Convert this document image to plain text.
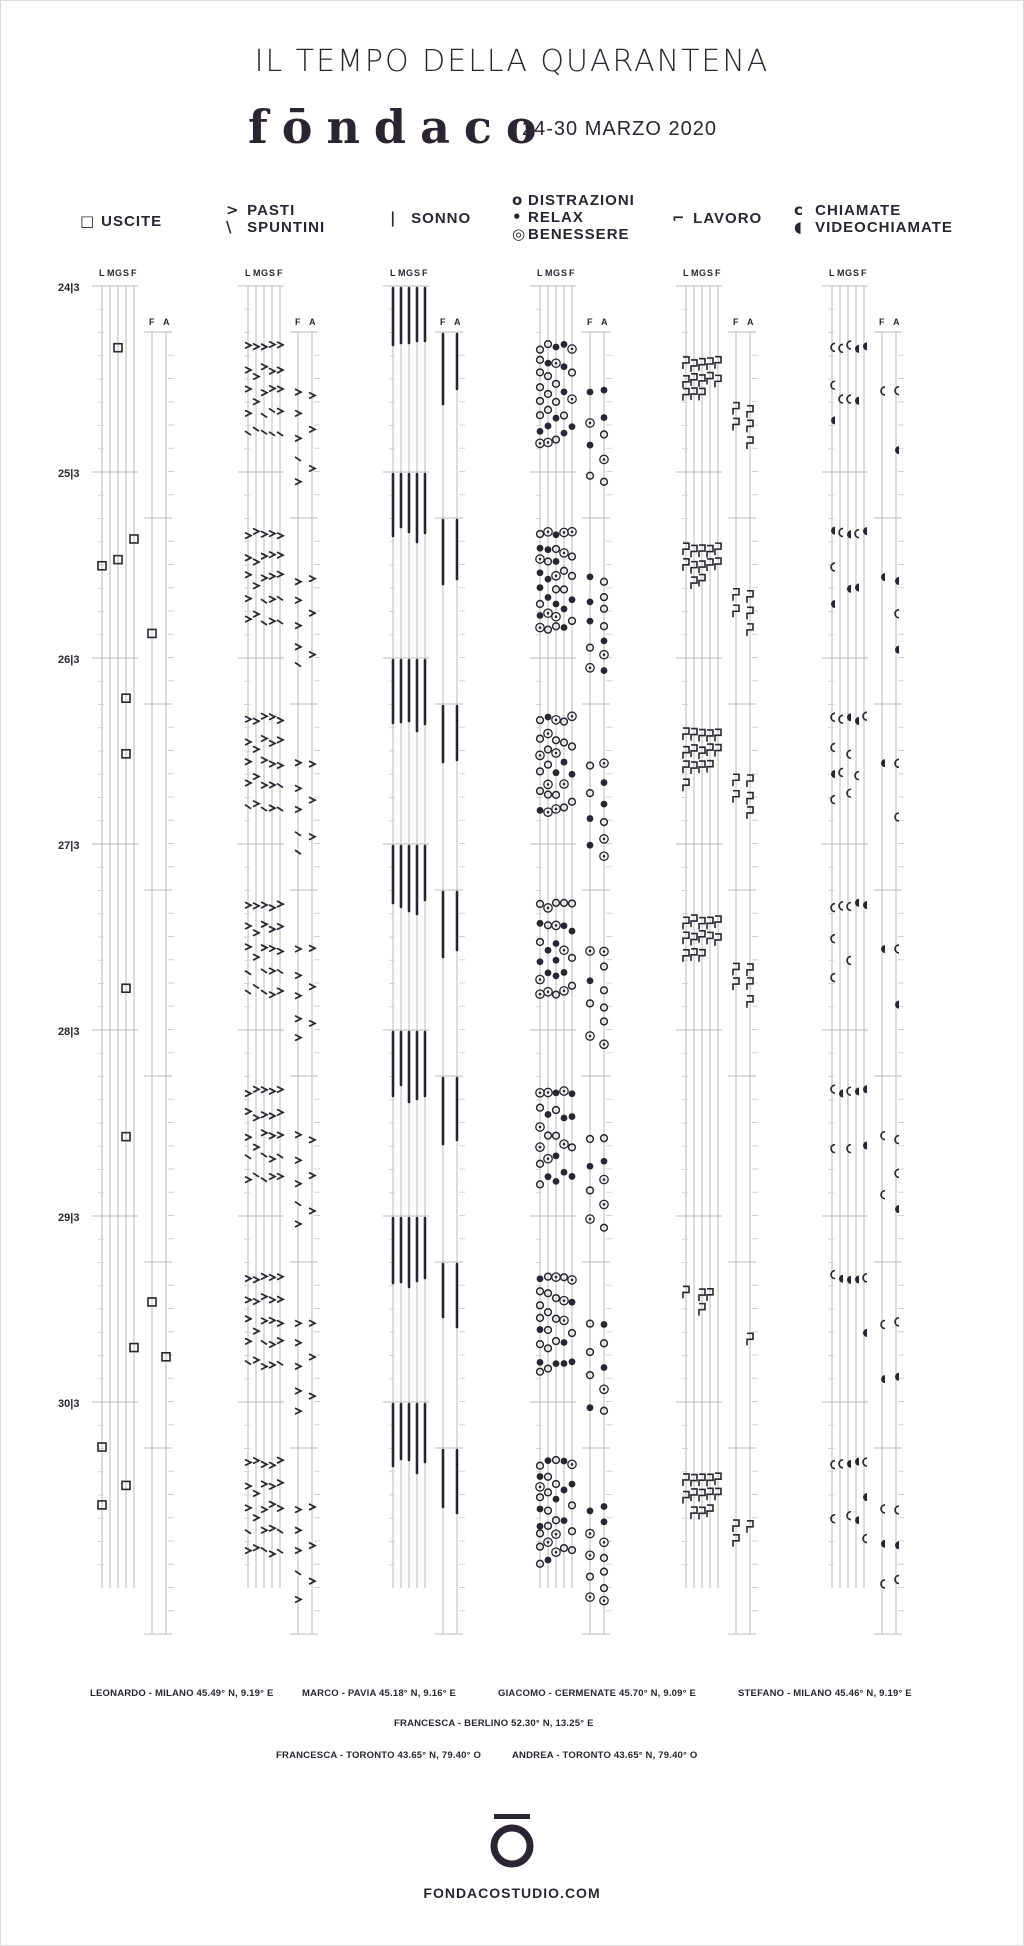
IL TEMPO DELLA QUARANTENA
fōndaco
24-30 MARZO 2020
□ USCITE
> PASTI
\ SPUNTINI
| SONNO
o DISTRAZIONI
• RELAX
◎ BENESSERE
⌐ LAVORO c CHIAMATE
◖ VIDEOCHIAMATE
24|3
25|3
26|3
27|3
28|3
29|3
30|3
L M G S F
F A
L M G S F
F A
L M G S F
F A
L M G S F
F A
L M G S F
F A
L M G S F
F A
LEONARDO - MILANO 45.49° N, 9.19° E	MARCO - PAVIA 45.18° N, 9.16° E	GIACOMO - CERMENATE 45.70° N, 9.09° E	STEFANO - MILANO 45.46° N, 9.19° E
FRANCESCA - BERLINO 52.30° N, 13.25° E
FRANCESCA - TORONTO 43.65° N, 79.40° O	ANDREA - TORONTO 43.65° N, 79.40° O
FONDACOSTUDIO.COM
